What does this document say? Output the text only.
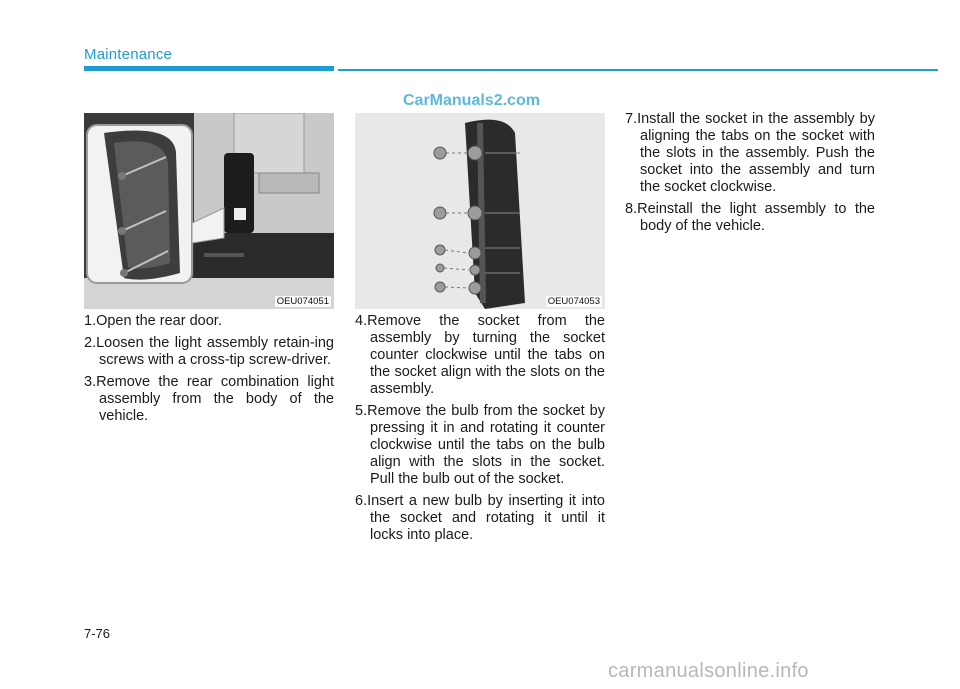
Maintenance
CarManuals2.com
OEU074051	OEU074053

1.Open the rear door.

2.Loosen the light assembly retain-ing screws with a cross-tip screw-driver.

3.Remove the rear combination light assembly from the body of the vehicle.

4.Remove the socket from the assembly by turning the socket counter clockwise until the tabs on the socket align with the slots on the assembly.

5.Remove the bulb from the socket by pressing it in and rotating it counter clockwise until the tabs on the bulb align with the slots in the socket. Pull the bulb out of the socket.

6.Insert a new bulb by inserting it into the socket and rotating it until it locks into place.

7.Install the socket in the assembly by aligning the tabs on the socket with the slots in the assembly. Push the socket into the assembly and turn the socket clockwise.

8.Reinstall the light assembly to the body of the vehicle.

7-76
carmanualsonline.info
